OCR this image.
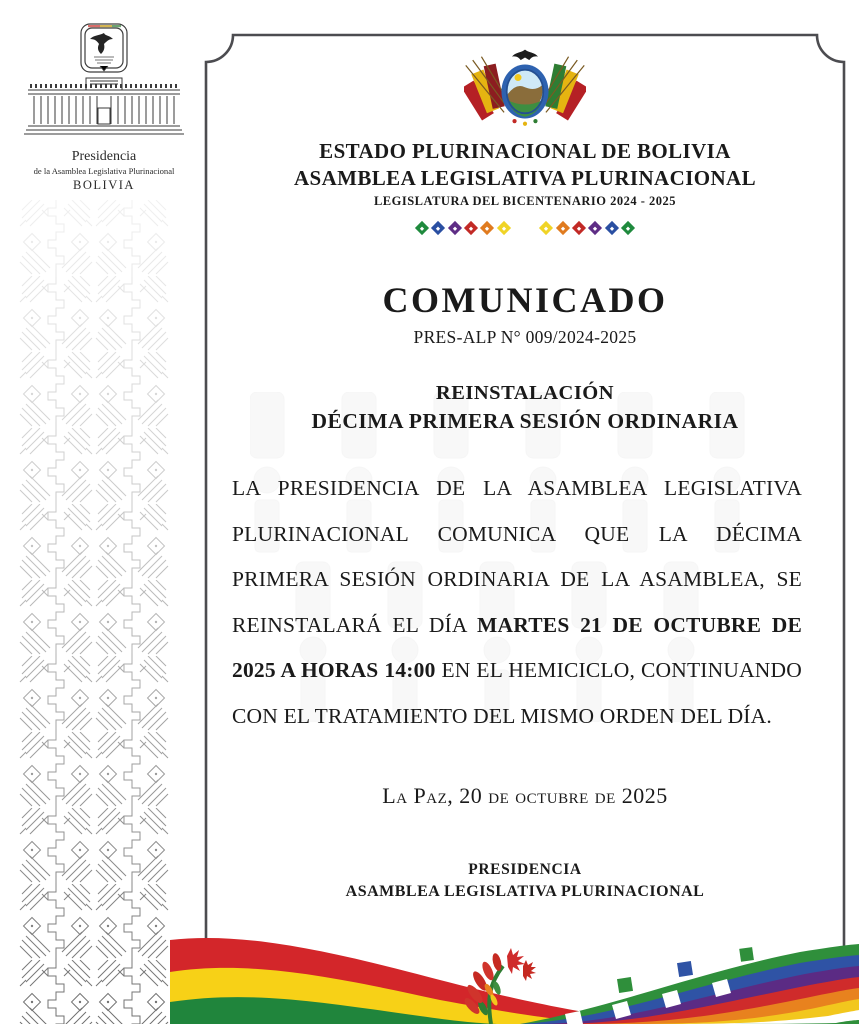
Presidencia
de la Asamblea Legislativa Plurinacional
BOLIVIA
ESTADO PLURINACIONAL DE BOLIVIA
ASAMBLEA LEGISLATIVA PLURINACIONAL
LEGISLATURA DEL BICENTENARIO 2024 - 2025
COMUNICADO
PRES-ALP N° 009/2024-2025
REINSTALACIÓN
DÉCIMA PRIMERA SESIÓN ORDINARIA
LA PRESIDENCIA DE LA ASAMBLEA LEGISLATIVA PLURINACIONAL COMUNICA QUE LA DÉCIMA PRIMERA SESIÓN ORDINARIA DE LA ASAMBLEA, SE REINSTALARÁ EL DÍA MARTES 21 DE OCTUBRE DE 2025 A HORAS 14:00 EN EL HEMICICLO, CONTINUANDO CON EL TRATAMIENTO DEL MISMO ORDEN DEL DÍA.
La Paz, 20 de octubre de 2025
PRESIDENCIA
ASAMBLEA LEGISLATIVA PLURINACIONAL
